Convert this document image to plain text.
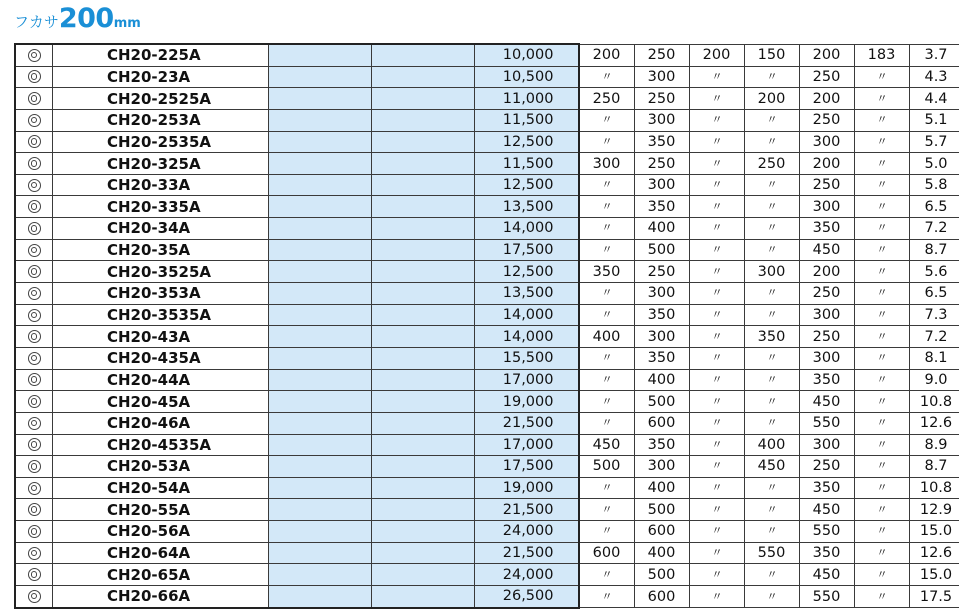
フカサ200mm
	CH20-225A			10,000	200	250	200	150	200	183	3.7
	CH20-23A			10,500	〃	300	〃	〃	250	〃	4.3
	CH20-2525A			11,000	250	250	〃	200	200	〃	4.4
	CH20-253A			11,500	〃	300	〃	〃	250	〃	5.1
	CH20-2535A			12,500	〃	350	〃	〃	300	〃	5.7
	CH20-325A			11,500	300	250	〃	250	200	〃	5.0
	CH20-33A			12,500	〃	300	〃	〃	250	〃	5.8
	CH20-335A			13,500	〃	350	〃	〃	300	〃	6.5
	CH20-34A			14,000	〃	400	〃	〃	350	〃	7.2
	CH20-35A			17,500	〃	500	〃	〃	450	〃	8.7
	CH20-3525A			12,500	350	250	〃	300	200	〃	5.6
	CH20-353A			13,500	〃	300	〃	〃	250	〃	6.5
	CH20-3535A			14,000	〃	350	〃	〃	300	〃	7.3
	CH20-43A			14,000	400	300	〃	350	250	〃	7.2
	CH20-435A			15,500	〃	350	〃	〃	300	〃	8.1
	CH20-44A			17,000	〃	400	〃	〃	350	〃	9.0
	CH20-45A			19,000	〃	500	〃	〃	450	〃	10.8
	CH20-46A			21,500	〃	600	〃	〃	550	〃	12.6
	CH20-4535A			17,000	450	350	〃	400	300	〃	8.9
	CH20-53A			17,500	500	300	〃	450	250	〃	8.7
	CH20-54A			19,000	〃	400	〃	〃	350	〃	10.8
	CH20-55A			21,500	〃	500	〃	〃	450	〃	12.9
	CH20-56A			24,000	〃	600	〃	〃	550	〃	15.0
	CH20-64A			21,500	600	400	〃	550	350	〃	12.6
	CH20-65A			24,000	〃	500	〃	〃	450	〃	15.0
	CH20-66A			26,500	〃	600	〃	〃	550	〃	17.5
